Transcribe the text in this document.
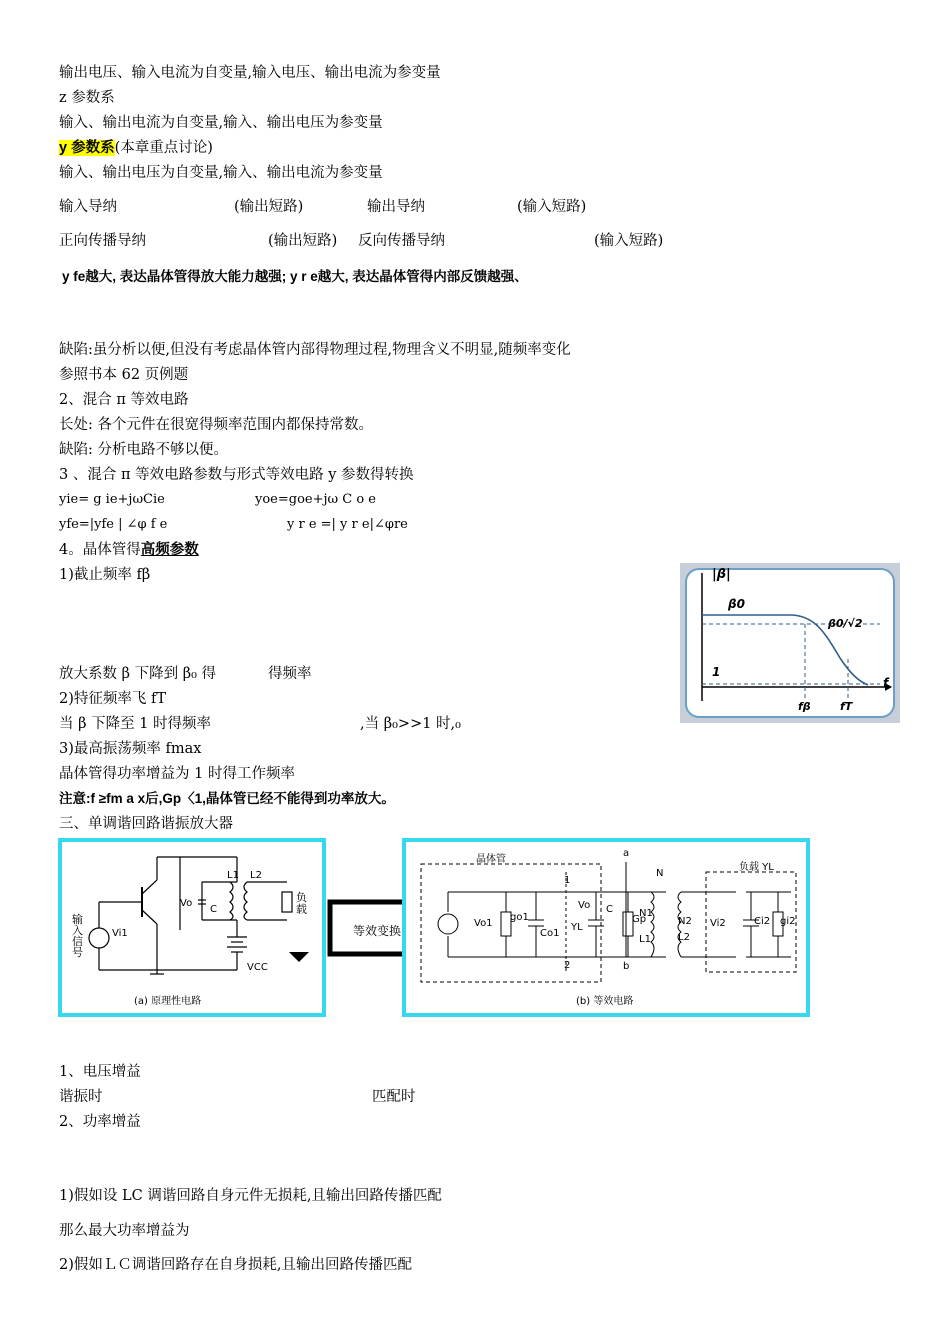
输出电压、输入电流为自变量,输入电压、输出电流为参变量
z 参数系
输入、输出电流为自变量,输入、输出电压为参变量
y 参数系(本章重点讨论)
输入、输出电压为自变量,输入、输出电流为参变量
输入导纳	(输出短路)	输出导纳	(输入短路)
正向传播导纳	(输出短路) 反向传播导纳	(输入短路)
y fe越大, 表达晶体管得放大能力越强; y r e越大, 表达晶体管得内部反馈越强、
缺陷:虽分析以便,但没有考虑晶体管内部得物理过程,物理含义不明显,随频率变化
参照书本 62 页例题
2、混合 π 等效电路
长处: 各个元件在很宽得频率范围内都保持常数。
缺陷: 分析电路不够以便。
3 、混合 π 等效电路参数与形式等效电路 y 参数得转换
yie= g ie+jωCie	yoe=goe+jω C o e
yfe=|yfe | ∠φ f e	y r e =| y r e|∠φre
4。晶体管得高频参数
1)截止频率 fβ
放大系数 β 下降到 β₀ 得	得频率
2)特征频率飞 fT
当 β 下降至 1 时得频率	,当 β₀>>1 时,₀
3)最高振荡频率 fmax
晶体管得功率增益为 1 时得工作频率
注意:f ≥fm a x后,Gp〈1,晶体管已经不能得到功率放大。
三、单调谐回路谐振放大器
1、电压增益
谐振时	匹配时
2、功率增益
1)假如设 LC 调谐回路自身元件无损耗,且输出回路传播匹配
那么最大功率增益为
2)假如ＬＣ调谐回路存在自身损耗,且输出回路传播匹配
|β|
β0
β0/√2
1
f
fβ	fT
输入信号
Vi1
Vo
C
L1 L2
VCC
负载
(a) 原理性电路
等效变换
晶体管
负载 YL
Vo1
go1
Co1
1
2
YL
Vo C
a
b
Gp
N
N1
L1
N2
L2
Vi2	Ci2 gi2
(b) 等效电路
